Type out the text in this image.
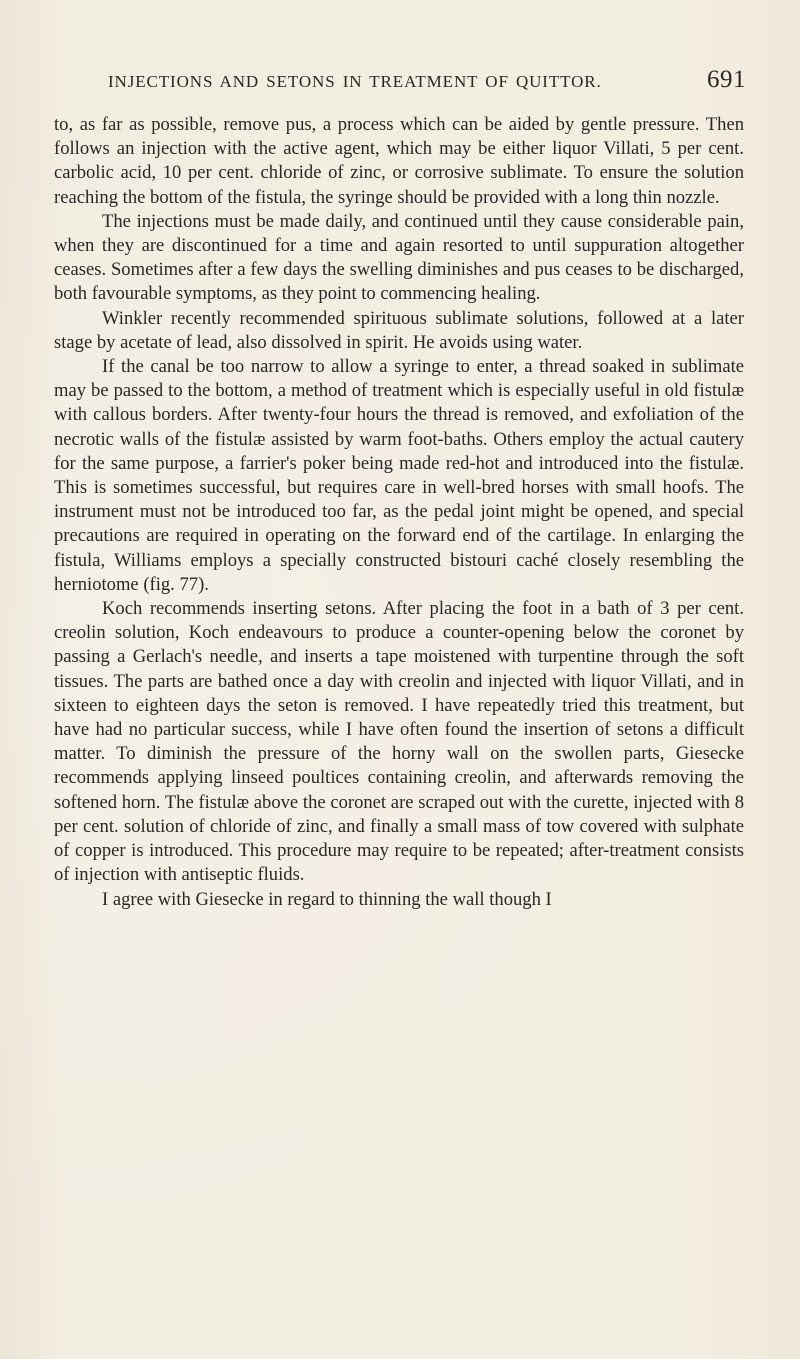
INJECTIONS AND SETONS IN TREATMENT OF QUITTOR.	691

to, as far as possible, remove pus, a process which can be aided by gentle pressure. Then follows an injection with the active agent, which may be either liquor Villati, 5 per cent. carbolic acid, 10 per cent. chloride of zinc, or corrosive sublimate. To ensure the solution reaching the bottom of the fistula, the syringe should be provided with a long thin nozzle.

The injections must be made daily, and continued until they cause considerable pain, when they are discontinued for a time and again resorted to until suppuration altogether ceases. Sometimes after a few days the swelling diminishes and pus ceases to be discharged, both favourable symptoms, as they point to commencing healing.

Winkler recently recommended spirituous sublimate solutions, followed at a later stage by acetate of lead, also dissolved in spirit. He avoids using water.

If the canal be too narrow to allow a syringe to enter, a thread soaked in sublimate may be passed to the bottom, a method of treatment which is especially useful in old fistulæ with callous borders. After twenty-four hours the thread is removed, and exfoliation of the necrotic walls of the fistulæ assisted by warm foot-baths. Others employ the actual cautery for the same purpose, a farrier's poker being made red-hot and introduced into the fistulæ. This is sometimes successful, but requires care in well-bred horses with small hoofs. The instrument must not be introduced too far, as the pedal joint might be opened, and special precautions are required in operating on the forward end of the cartilage. In enlarging the fistula, Williams employs a specially constructed bistouri caché closely resembling the herniotome (fig. 77).

Koch recommends inserting setons. After placing the foot in a bath of 3 per cent. creolin solution, Koch endeavours to produce a counter-opening below the coronet by passing a Gerlach's needle, and inserts a tape moistened with turpentine through the soft tissues. The parts are bathed once a day with creolin and injected with liquor Villati, and in sixteen to eighteen days the seton is removed. I have repeatedly tried this treatment, but have had no particular success, while I have often found the insertion of setons a difficult matter. To diminish the pressure of the horny wall on the swollen parts, Giesecke recommends applying linseed poultices containing creolin, and afterwards removing the softened horn. The fistulæ above the coronet are scraped out with the curette, injected with 8 per cent. solution of chloride of zinc, and finally a small mass of tow covered with sulphate of copper is introduced. This procedure may require to be repeated; after-treatment consists of injection with antiseptic fluids.

I agree with Giesecke in regard to thinning the wall though I
